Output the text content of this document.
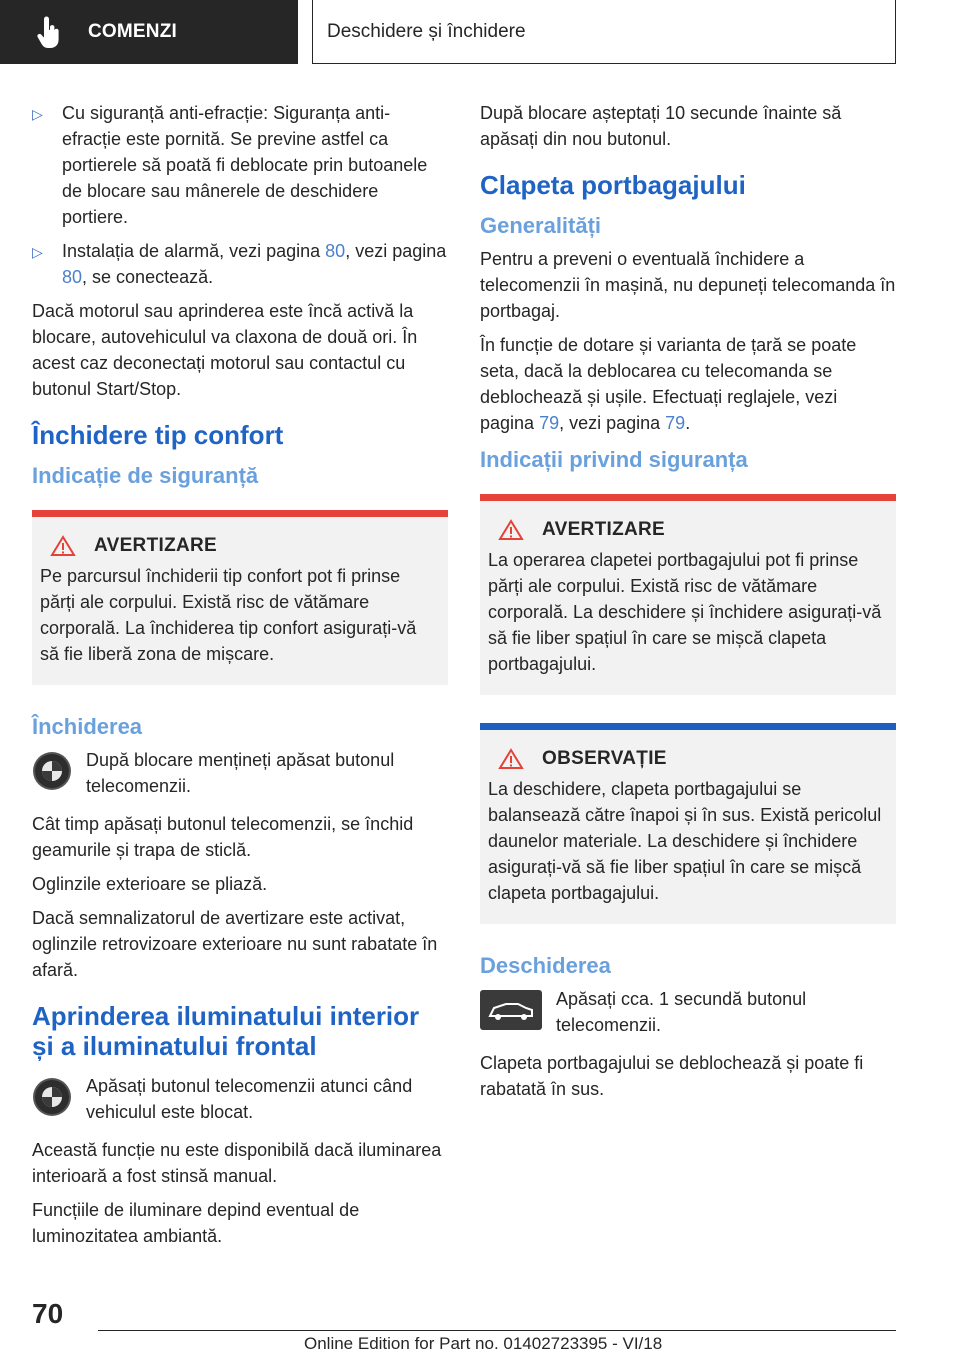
COMENZI	Deschidere și închidere
▷	Cu siguranță anti-efracție: Siguranța anti-efracție este pornită. Se previne astfel ca portierele să poată fi deblocate prin butoanele de blocare sau mânerele de deschidere portiere.
▷	Instalația de alarmă, vezi pagina 80, vezi pagina 80, se conectează.

Dacă motorul sau aprinderea este încă activă la blocare, autovehiculul va claxona de două ori. În acest caz deconectați motorul sau contactul cu butonul Start/Stop.

Închidere tip confort
Indicație de siguranță
AVERTIZARE

Pe parcursul închiderii tip confort pot fi prinse părți ale corpului. Există risc de vătămare corporală. La închiderea tip confort asigurați-vă să fie liberă zona de mișcare.

Închiderea

După blocare mențineți apăsat butonul telecomenzii.

Cât timp apăsați butonul telecomenzii, se închid geamurile și trapa de sticlă.

Oglinzile exterioare se pliază.

Dacă semnalizatorul de avertizare este activat, oglinzile retrovizoare exterioare nu sunt rabatate în afară.

Aprinderea iluminatului interior și a iluminatului frontal

Apăsați butonul telecomenzii atunci când vehiculul este blocat.

Această funcție nu este disponibilă dacă iluminarea interioară a fost stinsă manual.

Funcțiile de iluminare depind eventual de luminozitatea ambiantă.

După blocare așteptați 10 secunde înainte să apăsați din nou butonul.

Clapeta portbagajului
Generalități

Pentru a preveni o eventuală închidere a telecomenzii în mașină, nu depuneți telecomanda în portbagaj.

În funcție de dotare și varianta de țară se poate seta, dacă la deblocarea cu telecomanda se deblochează și ușile. Efectuați reglajele, vezi pagina 79, vezi pagina 79.

Indicații privind siguranța
AVERTIZARE

La operarea clapetei portbagajului pot fi prinse părți ale corpului. Există risc de vătămare corporală. La deschidere și închidere asigurați-vă să fie liber spațiul în care se mișcă clapeta portbagajului.

OBSERVAȚIE

La deschidere, clapeta portbagajului se balansează către înapoi și în sus. Există pericolul daunelor materiale. La deschidere și închidere asigurați-vă să fie liber spațiul în care se mișcă clapeta portbagajului.

Deschiderea

Apăsați cca. 1 secundă butonul telecomenzii.

Clapeta portbagajului se deblochează și poate fi rabatată în sus.

70
Online Edition for Part no. 01402723395 - VI/18
